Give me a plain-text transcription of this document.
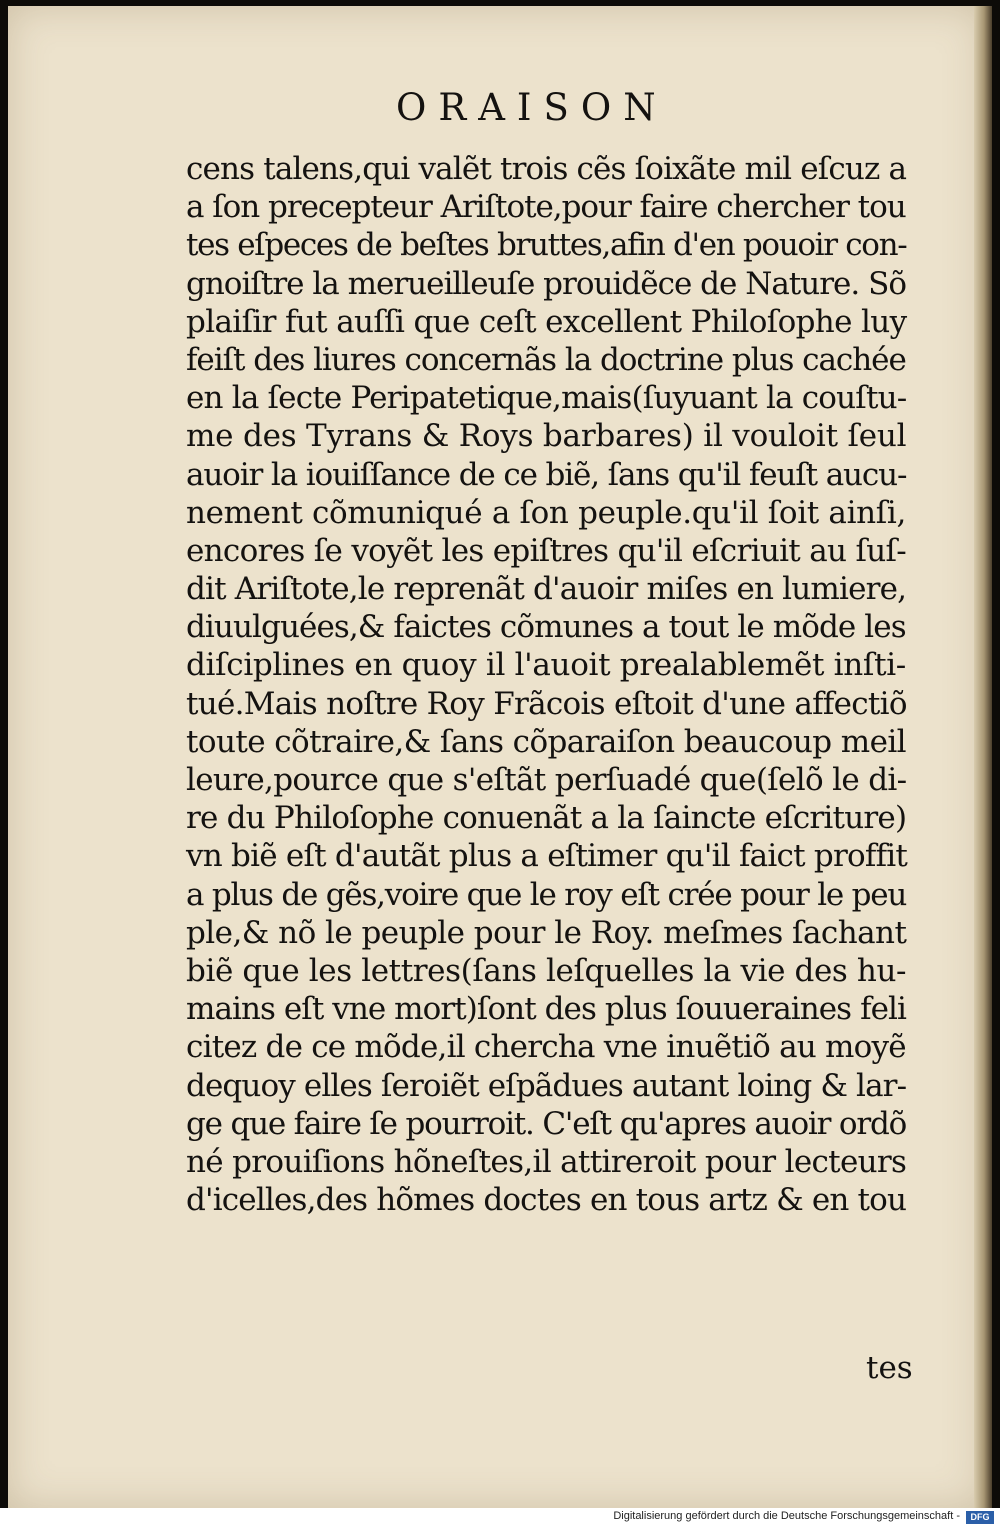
ORAISON
cens talens,qui valẽt trois cẽs ſoixãte mil eſcuz a
a ſon precepteur Ariſtote,pour faire chercher tou
tes eſpeces de beſtes bruttes,afin d'en pouoir con-
gnoiſtre la merueilleuſe prouidẽce de Nature. Sõ
plaiſir fut auſſi que ceſt excellent Philoſophe luy
feiſt des liures concernãs la doctrine plus cachée
en la ſecte Peripatetique,mais(ſuyuant la couſtu-
me des Tyrans & Roys barbares) il vouloit ſeul
auoir la iouiſſance de ce biẽ, ſans qu'il feuſt aucu-
nement cõmuniqué a ſon peuple.qu'il ſoit ainſi,
encores ſe voyẽt les epiſtres qu'il eſcriuit au ſuſ-
dit Ariſtote,le reprenãt d'auoir miſes en lumiere,
diuulguées,& faictes cõmunes a tout le mõde les
diſciplines en quoy il l'auoit prealablemẽt inſti-
tué.Mais noſtre Roy Frãcois eſtoit d'une affectiõ
toute cõtraire,& ſans cõparaiſon beaucoup meil
leure,pource que s'eſtãt perſuadé que(ſelõ le di-
re du Philoſophe conuenãt a la ſaincte eſcriture)
vn biẽ eſt d'autãt plus a eſtimer qu'il faict proffit
a plus de gẽs,voire que le roy eſt crée pour le peu
ple,& nõ le peuple pour le Roy. meſmes ſachant
biẽ que les lettres(ſans leſquelles la vie des hu-
mains eſt vne mort)ſont des plus ſouueraines feli
citez de ce mõde,il chercha vne inuẽtiõ au moyẽ
dequoy elles ſeroiẽt eſpãdues autant loing & lar-
ge que faire ſe pourroit. C'eſt qu'apres auoir ordõ
né prouiſions hõneſtes,il attireroit pour lecteurs
d'icelles,des hõmes doctes en tous artz & en tou
tes
Digitalisierung gefördert durch die Deutsche Forschungsgemeinschaft -	DFG
